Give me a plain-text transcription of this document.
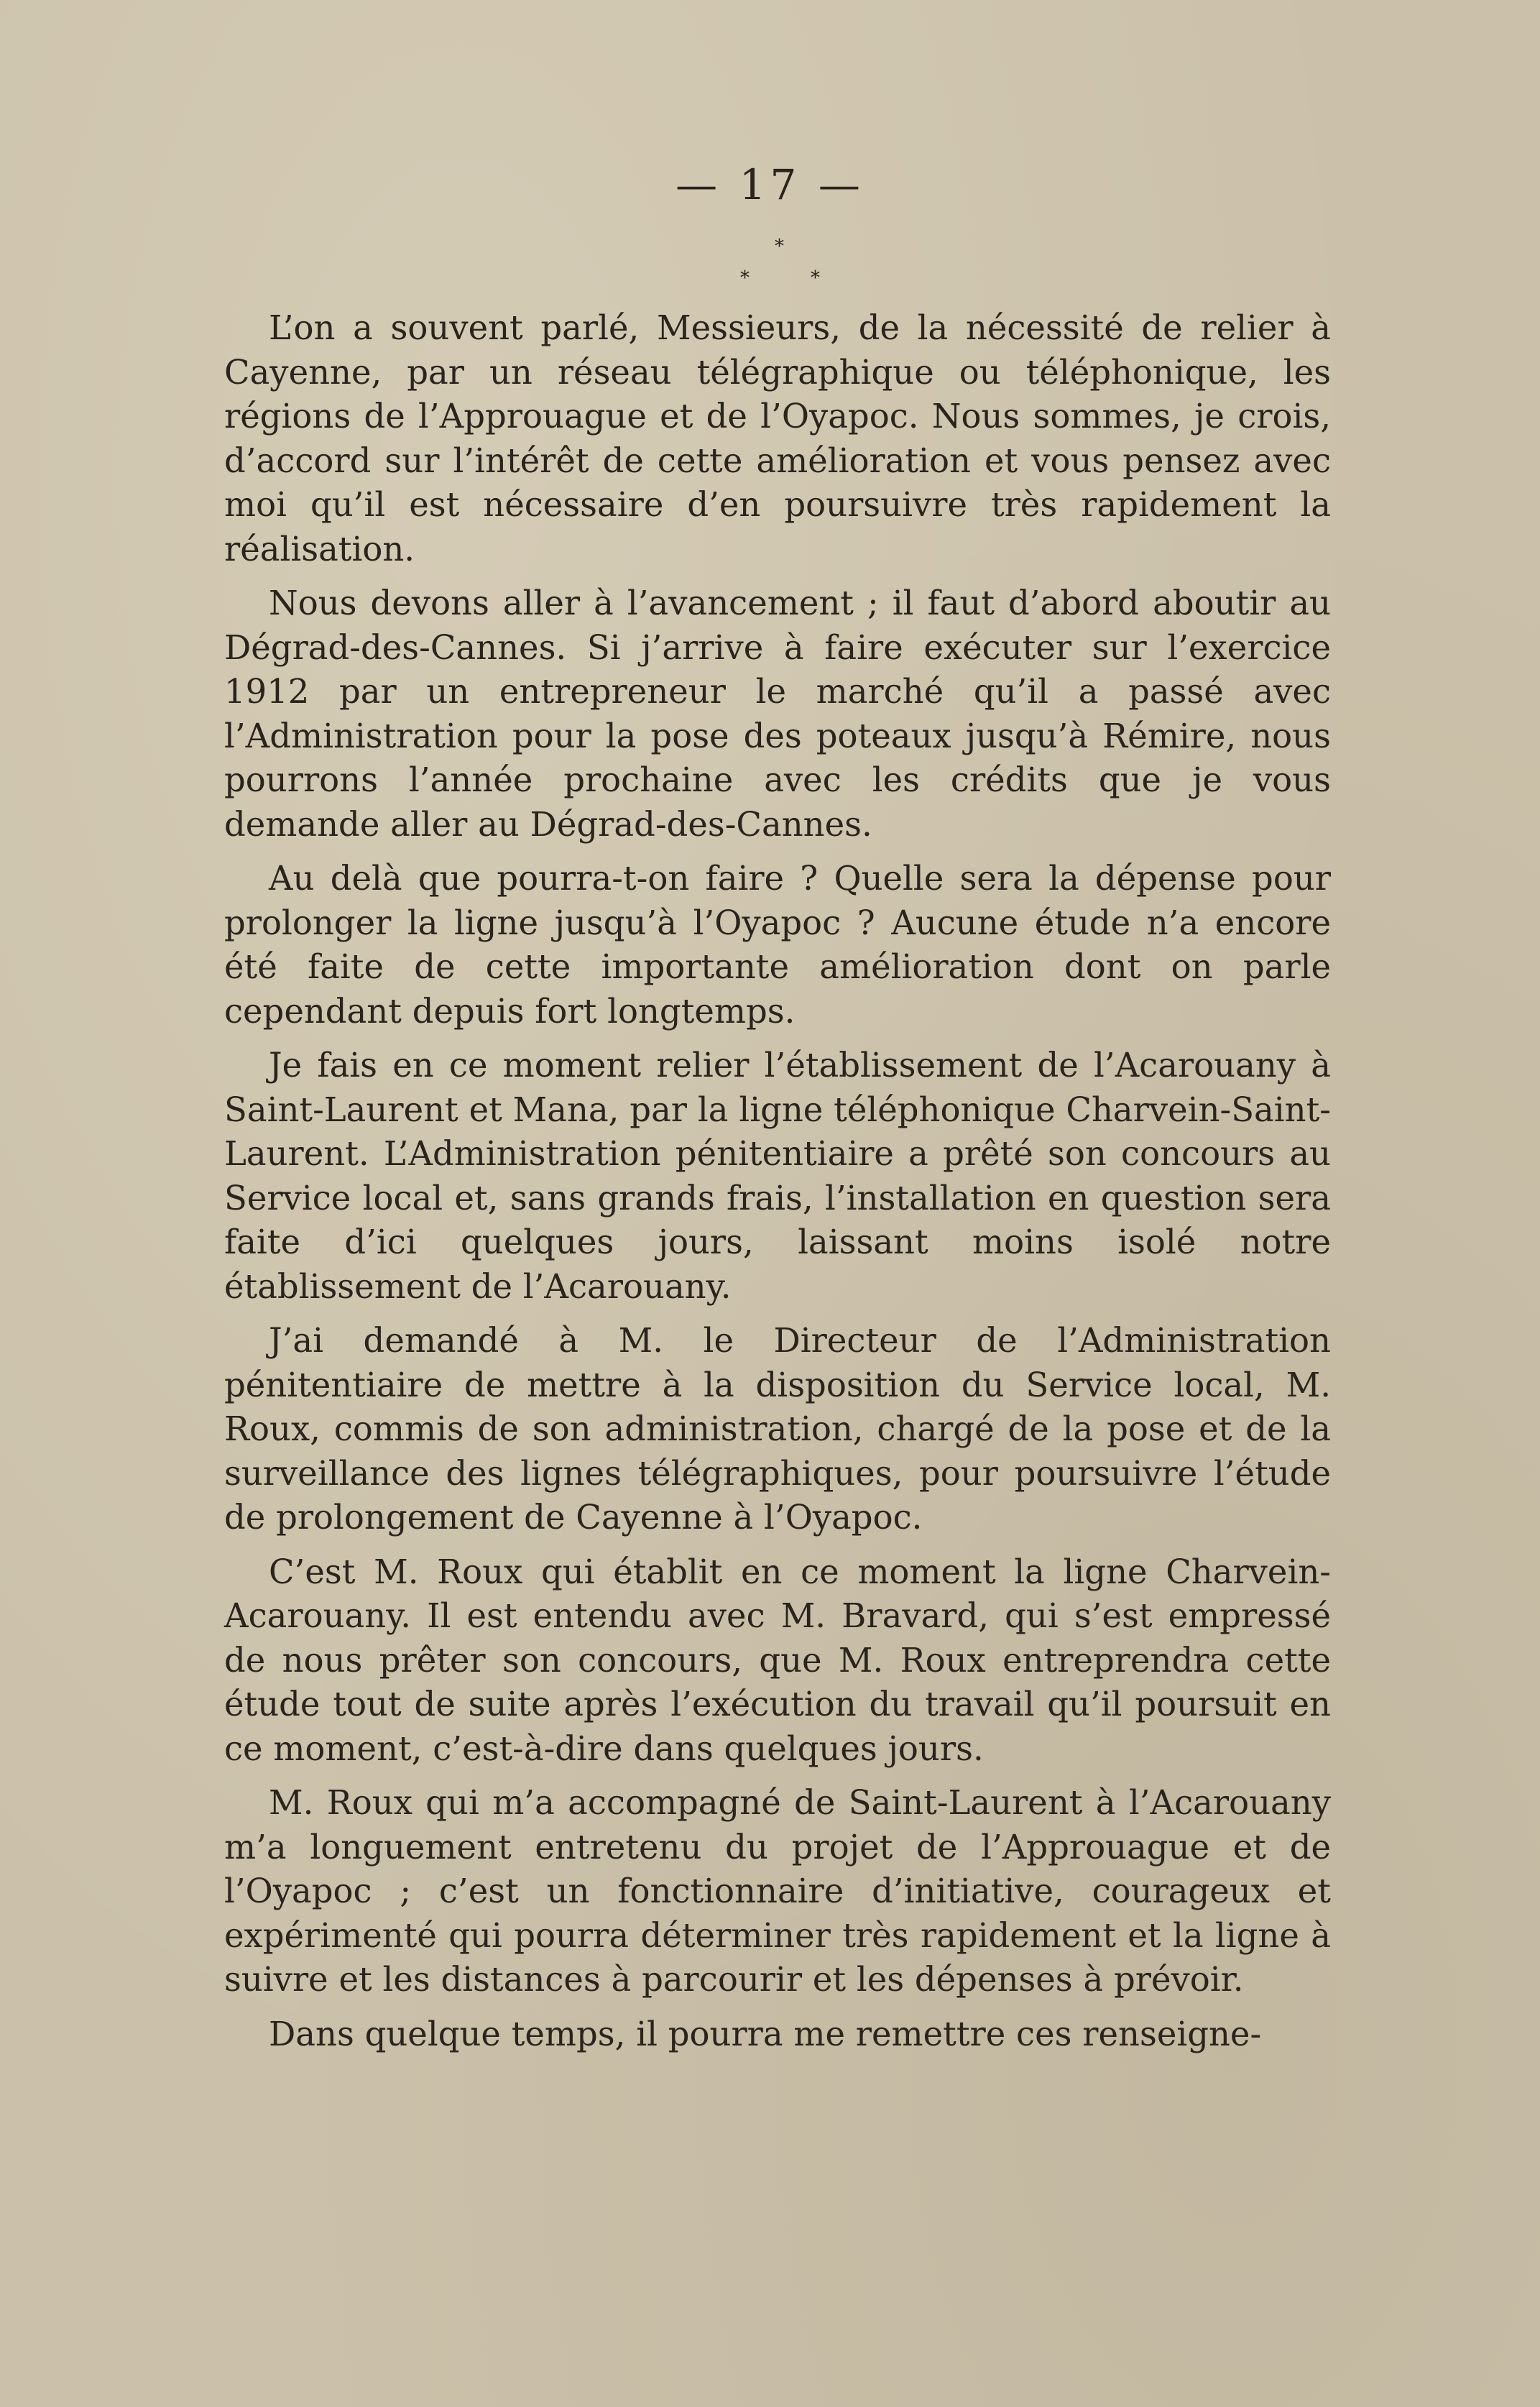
— 17 —
*
*	*

L’on a souvent parlé, Messieurs, de la nécessité de relier à Cayenne, par un réseau télégraphique ou téléphonique, les régions de l’Approuague et de l’Oyapoc. Nous sommes, je crois, d’accord sur l’intérêt de cette amélioration et vous pensez avec moi qu’il est nécessaire d’en poursuivre très rapidement la réalisation.

Nous devons aller à l’avancement ; il faut d’abord aboutir au Dégrad-des-Cannes. Si j’arrive à faire exécuter sur l’exercice 1912 par un entrepreneur le marché qu’il a passé avec l’Administration pour la pose des poteaux jusqu’à Rémire, nous pourrons l’année prochaine avec les crédits que je vous demande aller au Dégrad-des-Cannes.

Au delà que pourra-t-on faire ? Quelle sera la dépense pour prolonger la ligne jusqu’à l’Oyapoc ? Aucune étude n’a encore été faite de cette importante amélioration dont on parle cependant depuis fort longtemps.

Je fais en ce moment relier l’établissement de l’Acarouany à Saint-Laurent et Mana, par la ligne téléphonique Charvein-Saint-Laurent. L’Administration pénitentiaire a prêté son concours au Service local et, sans grands frais, l’installation en question sera faite d’ici quelques jours, laissant moins isolé notre établissement de l’Acarouany.

J’ai demandé à M. le Directeur de l’Administration pénitentiaire de mettre à la disposition du Service local, M. Roux, commis de son administration, chargé de la pose et de la surveillance des lignes télégraphiques, pour poursuivre l’étude de prolongement de Cayenne à l’Oyapoc.

C’est M. Roux qui établit en ce moment la ligne Charvein-Acarouany. Il est entendu avec M. Bravard, qui s’est empressé de nous prêter son concours, que M. Roux entreprendra cette étude tout de suite après l’exécution du travail qu’il poursuit en ce moment, c’est-à-dire dans quelques jours.

M. Roux qui m’a accompagné de Saint-Laurent à l’Acarouany m’a longuement entretenu du projet de l’Approuague et de l’Oyapoc ; c’est un fonctionnaire d’initiative, courageux et expérimenté qui pourra déterminer très rapidement et la ligne à suivre et les distances à parcourir et les dépenses à prévoir.

Dans quelque temps, il pourra me remettre ces renseigne-
